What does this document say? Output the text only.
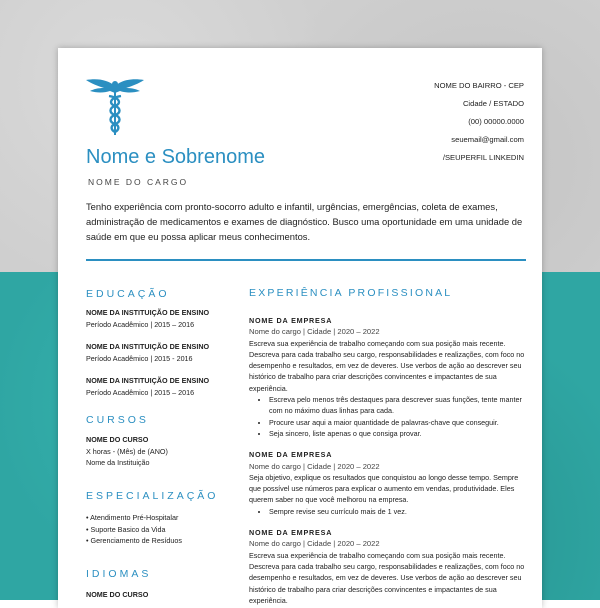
NOME DO BAIRRO - CEP
Cidade / ESTADO
(00) 00000.0000
seuemail@gmail.com
/SEUPERFIL LINKEDIN
Nome e Sobrenome
NOME DO CARGO
Tenho experiência com pronto-socorro adulto e infantil, urgências, emergências, coleta de exames, administração de medicamentos e exames de diagnóstico. Busco uma oportunidade em uma unidade de saúde em que eu possa aplicar meus conhecimentos.
EDUCAÇÃO
NOME DA INSTITUIÇÃO DE ENSINO
Período Acadêmico | 2015 – 2016
NOME DA INSTITUIÇÃO DE ENSINO
Período Acadêmico | 2015 - 2016
NOME DA INSTITUIÇÃO DE ENSINO
Período Acadêmico | 2015 – 2016
CURSOS
NOME DO CURSO
X horas - (Mês) de (ANO)
Nome da Instituição
ESPECIALIZAÇÃO
• Atendimento Pré-Hospitalar
• Suporte Basico da Vida
• Gerenciamento de Resíduos
IDIOMAS
NOME DO CURSO
EXPERIÊNCIA PROFISSIONAL
NOME DA EMPRESA
Nome do cargo | Cidade | 2020 – 2022
Escreva sua experiência de trabalho começando com sua posição mais recente. Descreva para cada trabalho seu cargo, responsabilidades e realizações, com foco no desempenho e resultados, em vez de deveres. Use verbos de ação ao descrever seu histórico de trabalho para criar descrições convincentes e impactantes de sua experiência.
• Escreva pelo menos três destaques para descrever suas funções, tente manter com no máximo duas linhas para cada.
• Procure usar aqui a maior quantidade de palavras-chave que conseguir.
• Seja sincero, liste apenas o que consiga provar.
NOME DA EMPRESA
Nome do cargo | Cidade | 2020 – 2022
Seja objetivo, explique os resultados que conquistou ao longo desse tempo. Sempre que possível use números para explicar o aumento em vendas, produtividade. Eles querem saber no que você melhorou na empresa.
• Sempre revise seu currículo mais de 1 vez.
NOME DA EMPRESA
Nome do cargo | Cidade | 2020 – 2022
Escreva sua experiência de trabalho começando com sua posição mais recente. Descreva para cada trabalho seu cargo, responsabilidades e realizações, com foco no desempenho e resultados, em vez de deveres. Use verbos de ação ao descrever seu histórico de trabalho para criar descrições convincentes e impactantes de sua experiência.
